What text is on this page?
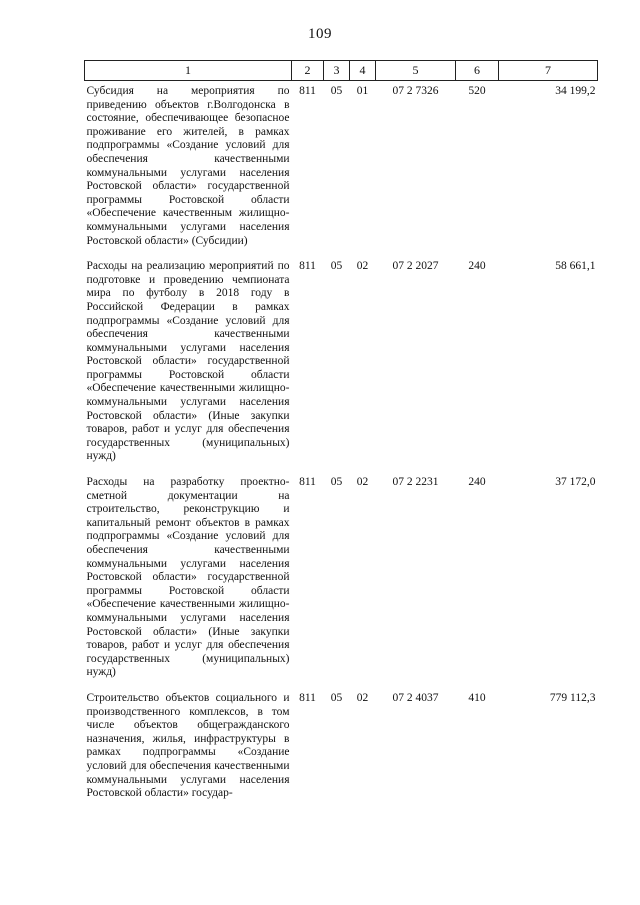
109
1	2	3	4	5	6	7
Субсидия на мероприятия по приведению объектов г.Волгодонска в состояние, обеспечивающее безопасное проживание его жителей, в рамках подпрограммы «Создание условий для обеспечения качественными коммунальными услугами населения Ростовской области» государственной программы Ростовской области «Обеспечение качественным жилищно-коммунальными услугами населения Ростовской области» (Субсидии)	811	05	01	07 2 7326	520	34 199,2
Расходы на реализацию мероприятий по подготовке и проведению чемпионата мира по футболу в 2018 году в Российской Федерации в рамках подпрограммы «Создание условий для обеспечения качественными коммунальными услугами населения Ростовской области» государственной программы Ростовской области «Обеспечение качественными жилищно-коммунальными услугами населения Ростовской области» (Иные закупки товаров, работ и услуг для обеспечения государственных (муниципальных) нужд)	811	05	02	07 2 2027	240	58 661,1
Расходы на разработку проектно-сметной документации на строительство, реконструкцию и капитальный ремонт объектов в рамках подпрограммы «Создание условий для обеспечения качественными коммунальными услугами населения Ростовской области» государственной программы Ростовской области «Обеспечение качественными жилищно-коммунальными услугами населения Ростовской области» (Иные закупки товаров, работ и услуг для обеспечения государственных (муниципальных) нужд)	811	05	02	07 2 2231	240	37 172,0
Строительство объектов социального и производственного комплексов, в том числе объектов общегражданского назначения, жилья, инфраструктуры в рамках подпрограммы «Создание условий для обеспечения качественными коммунальными услугами населения Ростовской области» государ-	811	05	02	07 2 4037	410	779 112,3
